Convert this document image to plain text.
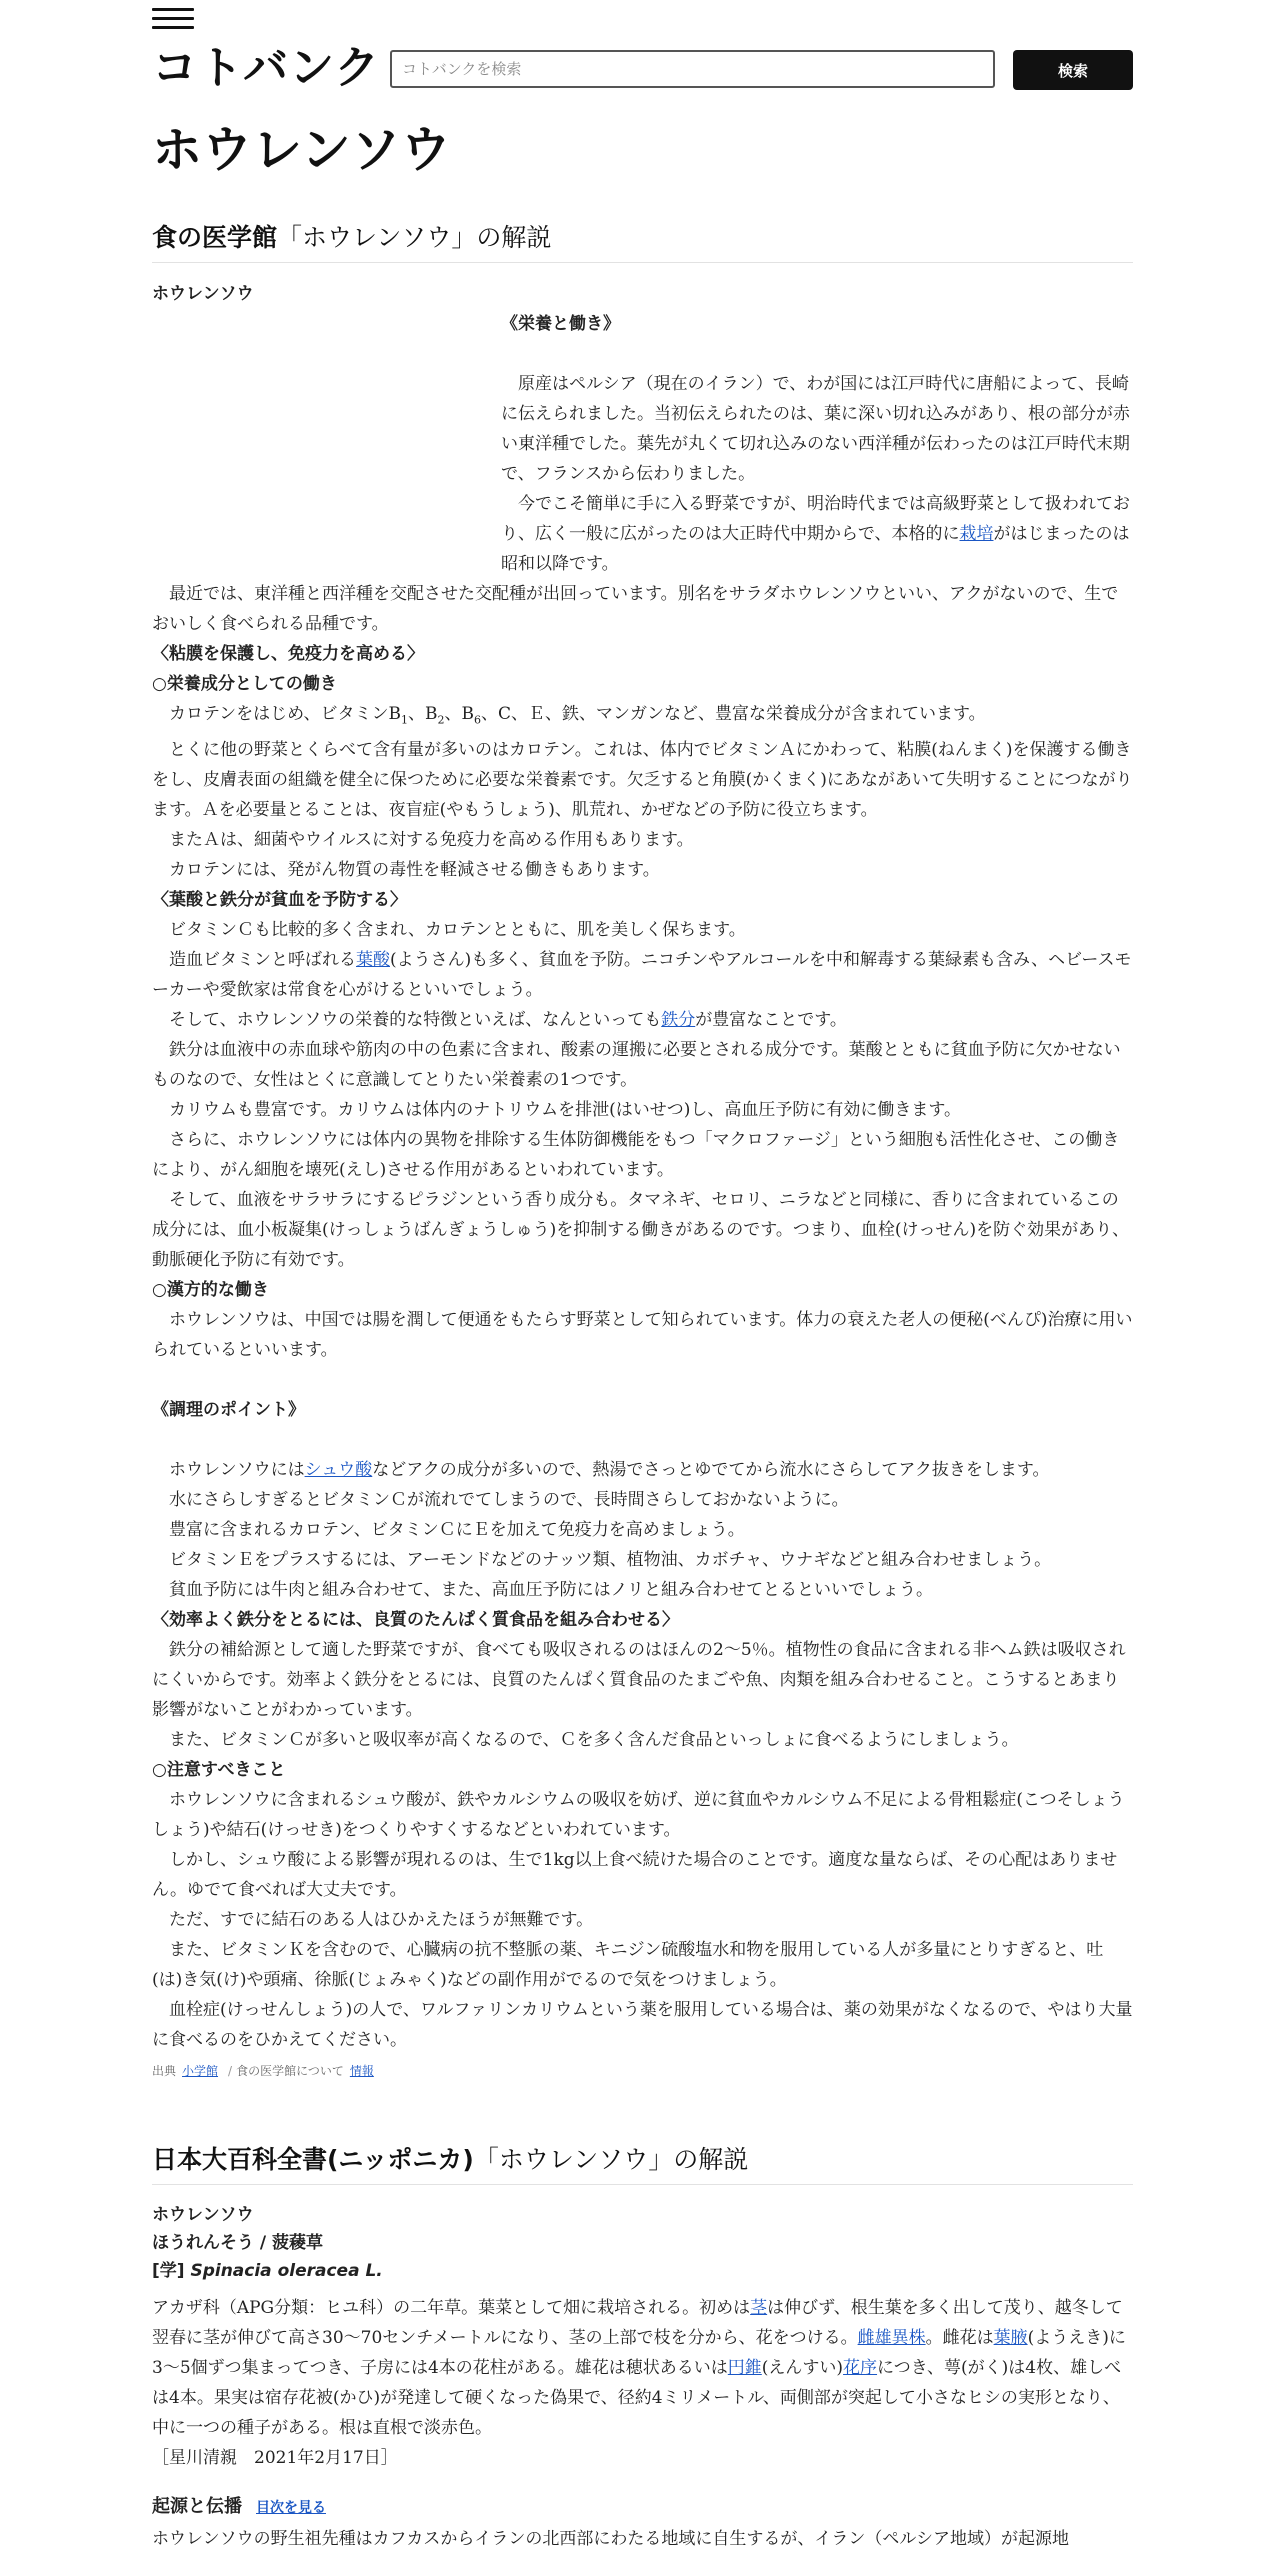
コトバンク
コトバンクを検索	検索
ホウレンソウ
食の医学館「ホウレンソウ」の解説
ホウレンソウ

《栄養と働き》

　原産はペルシア（現在のイラン）で、わが国には江戸時代に唐船によって、長崎に伝えられました。当初伝えられたのは、葉に深い切れ込みがあり、根の部分が赤い東洋種でした。葉先が丸くて切れ込みのない西洋種が伝わったのは江戸時代末期で、フランスから伝わりました。

　今でこそ簡単に手に入る野菜ですが、明治時代までは高級野菜として扱われており、広く一般に広がったのは大正時代中期からで、本格的に栽培がはじまったのは昭和以降です。

　最近では、東洋種と西洋種を交配させた交配種が出回っています。別名をサラダホウレンソウといい、アクがないので、生でおいしく食べられる品種です。

〈粘膜を保護し、免疫力を高める〉

○栄養成分としての働き

　カロテンをはじめ、ビタミン$B_1$、$B_2$、$B_6$、C、Ｅ、鉄、マンガンなど、豊富な栄養成分が含まれています。

　とくに他の野菜とくらべて含有量が多いのはカロテン。これは、体内でビタミンＡにかわって、粘膜(ねんまく)を保護する働きをし、皮膚表面の組織を健全に保つために必要な栄養素です。欠乏すると角膜(かくまく)にあながあいて失明することにつながります。Ａを必要量とることは、夜盲症(やもうしょう)、肌荒れ、かぜなどの予防に役立ちます。

　またＡは、細菌やウイルスに対する免疫力を高める作用もあります。

　カロテンには、発がん物質の毒性を軽減させる働きもあります。

〈葉酸と鉄分が貧血を予防する〉

　ビタミンＣも比較的多く含まれ、カロテンとともに、肌を美しく保ちます。

　造血ビタミンと呼ばれる葉酸(ようさん)も多く、貧血を予防。ニコチンやアルコールを中和解毒する葉緑素も含み、ヘビースモーカーや愛飲家は常食を心がけるといいでしょう。

　そして、ホウレンソウの栄養的な特徴といえば、なんといっても鉄分が豊富なことです。

　鉄分は血液中の赤血球や筋肉の中の色素に含まれ、酸素の運搬に必要とされる成分です。葉酸とともに貧血予防に欠かせないものなので、女性はとくに意識してとりたい栄養素の1つです。

　カリウムも豊富です。カリウムは体内のナトリウムを排泄(はいせつ)し、高血圧予防に有効に働きます。

　さらに、ホウレンソウには体内の異物を排除する生体防御機能をもつ「マクロファージ」という細胞も活性化させ、この働きにより、がん細胞を壊死(えし)させる作用があるといわれています。

　そして、血液をサラサラにするピラジンという香り成分も。タマネギ、セロリ、ニラなどと同様に、香りに含まれているこの成分には、血小板凝集(けっしょうばんぎょうしゅう)を抑制する働きがあるのです。つまり、血栓(けっせん)を防ぐ効果があり、動脈硬化予防に有効です。

○漢方的な働き

　ホウレンソウは、中国では腸を潤して便通をもたらす野菜として知られています。体力の衰えた老人の便秘(べんぴ)治療に用いられているといいます。

《調理のポイント》

　ホウレンソウにはシュウ酸などアクの成分が多いので、熱湯でさっとゆでてから流水にさらしてアク抜きをします。

　水にさらしすぎるとビタミンＣが流れでてしまうので、長時間さらしておかないように。

　豊富に含まれるカロテン、ビタミンＣにＥを加えて免疫力を高めましょう。

　ビタミンＥをプラスするには、アーモンドなどのナッツ類、植物油、カボチャ、ウナギなどと組み合わせましょう。

　貧血予防には牛肉と組み合わせて、また、高血圧予防にはノリと組み合わせてとるといいでしょう。

〈効率よく鉄分をとるには、良質のたんぱく質食品を組み合わせる〉

　鉄分の補給源として適した野菜ですが、食べても吸収されるのはほんの2～5％。植物性の食品に含まれる非ヘム鉄は吸収されにくいからです。効率よく鉄分をとるには、良質のたんぱく質食品のたまごや魚、肉類を組み合わせること。こうするとあまり影響がないことがわかっています。

　また、ビタミンＣが多いと吸収率が高くなるので、Ｃを多く含んだ食品といっしょに食べるようにしましょう。

○注意すべきこと

　ホウレンソウに含まれるシュウ酸が、鉄やカルシウムの吸収を妨げ、逆に貧血やカルシウム不足による骨粗鬆症(こつそしょうしょう)や結石(けっせき)をつくりやすくするなどといわれています。

　しかし、シュウ酸による影響が現れるのは、生で1kg以上食べ続けた場合のことです。適度な量ならば、その心配はありません。ゆでて食べれば大丈夫です。

　ただ、すでに結石のある人はひかえたほうが無難です。

　また、ビタミンＫを含むので、心臓病の抗不整脈の薬、キニジン硫酸塩水和物を服用している人が多量にとりすぎると、吐(は)き気(け)や頭痛、徐脈(じょみゃく)などの副作用がでるので気をつけましょう。

　血栓症(けっせんしょう)の人で、ワルファリンカリウムという薬を服用している場合は、薬の効果がなくなるので、やはり大量に食べるのをひかえてください。

出典 小学館 / 食の医学館について 情報
日本大百科全書(ニッポニカ)「ホウレンソウ」の解説
ホウレンソウ
ほうれんそう / 菠薐草
[学] Spinacia oleracea L.

アカザ科（APG分類：ヒユ科）の二年草。葉菜として畑に栽培される。初めは茎は伸びず、根生葉を多く出して茂り、越冬して翌春に茎が伸びて高さ30～70センチメートルになり、茎の上部で枝を分から、花をつける。雌雄異株。雌花は葉腋(ようえき)に3～5個ずつ集まってつき、子房には4本の花柱がある。雄花は穂状あるいは円錐(えんすい)花序につき、萼(がく)は4枚、雄しべは4本。果実は宿存花被(かひ)が発達して硬くなった偽果で、径約4ミリメートル、両側部が突起して小さなヒシの実形となり、中に一つの種子がある。根は直根で淡赤色。

［星川清親　2021年2月17日］

起源と伝播 目次を見る

ホウレンソウの野生祖先種はカフカスからイランの北西部にわたる地域に自生するが、イラン（ペルシア地域）が起源地
